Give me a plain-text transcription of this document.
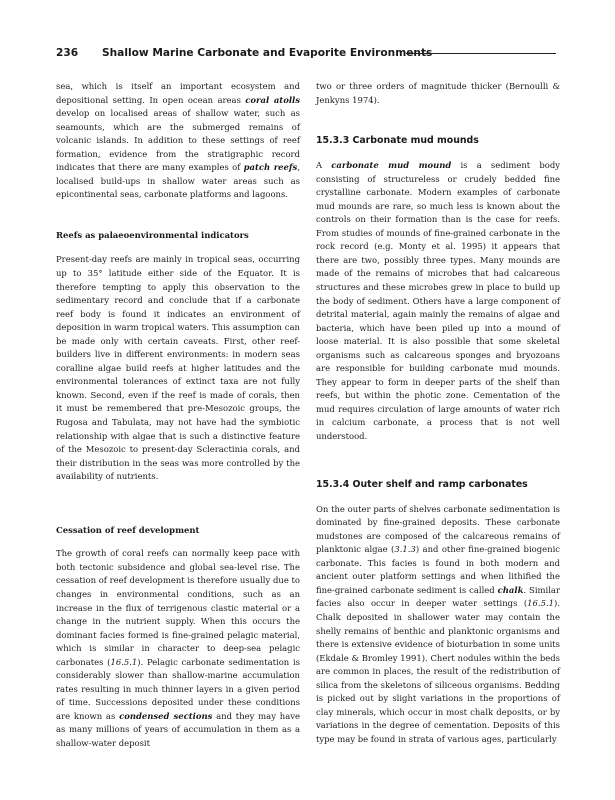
236 Shallow Marine Carbonate and Evaporite Environments

sea, which is itself an important ecosystem and depositional setting. In open ocean areas coral atolls develop on localised areas of shallow water, such as seamounts, which are the submerged remains of volcanic islands. In addition to these settings of reef formation, evidence from the stratigraphic record indicates that there are many examples of patch reefs, localised build-ups in shallow water areas such as epicontinental seas, carbonate platforms and lagoons.

Reefs as palaeoenvironmental indicators

Present-day reefs are mainly in tropical seas, occurring up to 35° latitude either side of the Equator. It is therefore tempting to apply this observation to the sedimentary record and conclude that if a carbonate reef body is found it indicates an environment of deposition in warm tropical waters. This assumption can be made only with certain caveats. First, other reef-builders live in different environments: in modern seas coralline algae build reefs at higher latitudes and the environmental tolerances of extinct taxa are not fully known. Second, even if the reef is made of corals, then it must be remembered that pre-Mesozoic groups, the Rugosa and Tabulata, may not have had the symbiotic relationship with algae that is such a distinctive feature of the Mesozoic to present-day Scleractinia corals, and their distribution in the seas was more controlled by the availability of nutrients.

Cessation of reef development

The growth of coral reefs can normally keep pace with both tectonic subsidence and global sea-level rise. The cessation of reef development is therefore usually due to changes in environmental conditions, such as an increase in the flux of terrigenous clastic material or a change in the nutrient supply. When this occurs the dominant facies formed is fine-grained pelagic material, which is similar in character to deep-sea pelagic carbonates (16.5.1). Pelagic carbonate sedimentation is considerably slower than shallow-marine accumulation rates resulting in much thinner layers in a given period of time. Successions deposited under these conditions are known as condensed sections and they may have as many millions of years of accumulation in them as a shallow-water deposit

two or three orders of magnitude thicker (Bernoulli & Jenkyns 1974).

15.3.3 Carbonate mud mounds

A carbonate mud mound is a sediment body consisting of structureless or crudely bedded fine crystalline carbonate. Modern examples of carbonate mud mounds are rare, so much less is known about the controls on their formation than is the case for reefs. From studies of mounds of fine-grained carbonate in the rock record (e.g. Monty et al. 1995) it appears that there are two, possibly three types. Many mounds are made of the remains of microbes that had calcareous structures and these microbes grew in place to build up the body of sediment. Others have a large component of detrital material, again mainly the remains of algae and bacteria, which have been piled up into a mound of loose material. It is also possible that some skeletal organisms such as calcareous sponges and bryozoans are responsible for building carbonate mud mounds. They appear to form in deeper parts of the shelf than reefs, but within the photic zone. Cementation of the mud requires circulation of large amounts of water rich in calcium carbonate, a process that is not well understood.

15.3.4 Outer shelf and ramp carbonates

On the outer parts of shelves carbonate sedimentation is dominated by fine-grained deposits. These carbonate mudstones are composed of the calcareous remains of planktonic algae (3.1.3) and other fine-grained biogenic carbonate. This facies is found in both modern and ancient outer platform settings and when lithified the fine-grained carbonate sediment is called chalk. Similar facies also occur in deeper water settings (16.5.1). Chalk deposited in shallower water may contain the shelly remains of benthic and planktonic organisms and there is extensive evidence of bioturbation in some units (Ekdale & Bromley 1991). Chert nodules within the beds are common in places, the result of the redistribution of silica from the skeletons of siliceous organisms. Bedding is picked out by slight variations in the proportions of clay minerals, which occur in most chalk deposits, or by variations in the degree of cementation. Deposits of this type may be found in strata of various ages, particularly
